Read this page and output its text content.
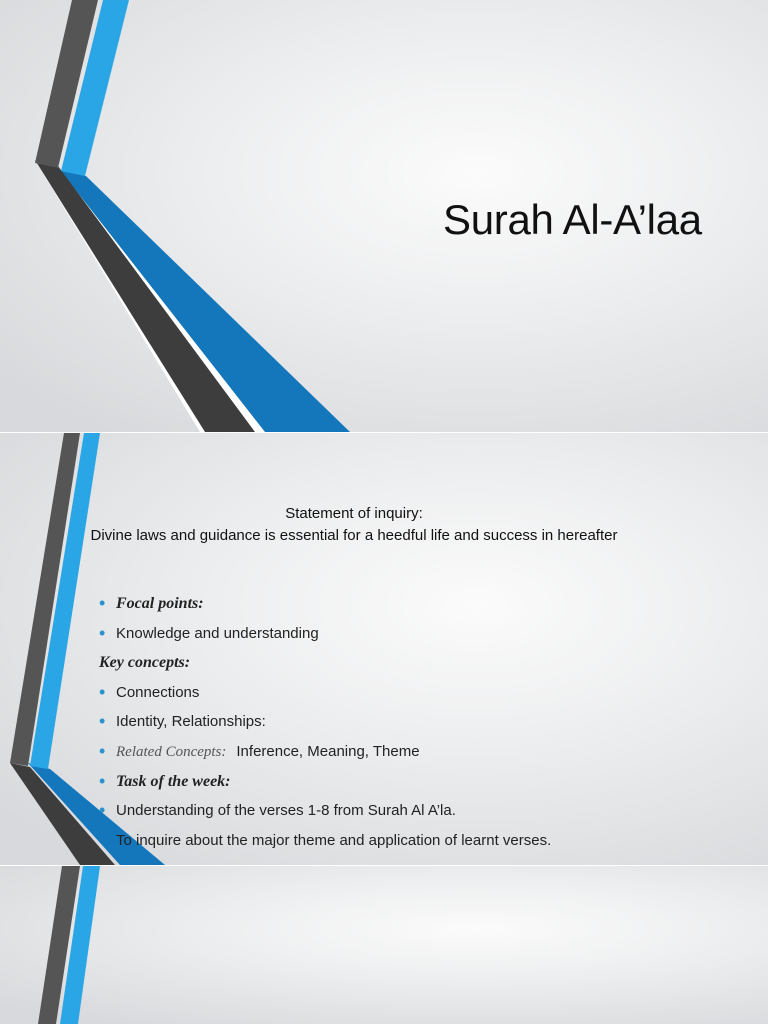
Surah Al-A’laa
Statement of inquiry:
Divine laws and guidance is essential for a heedful life and success in hereafter
• Focal points:
• Knowledge and understanding
Key concepts:
• Connections
• Identity, Relationships:
• Related Concepts: Inference, Meaning, Theme
• Task of the week:
• Understanding of the verses 1-8 from Surah Al A’la.
To inquire about the major theme and application of learnt verses.
